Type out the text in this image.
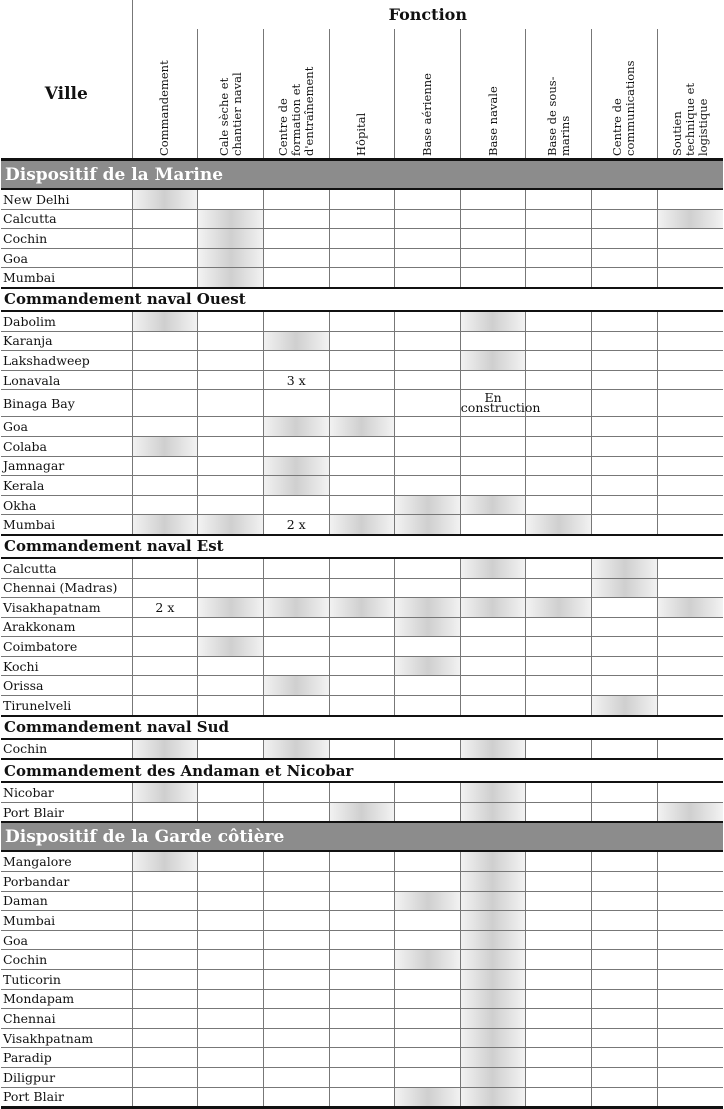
Ville	Fonction								

	Commandement	Cale sèche et chantier naval	Centre de formation et d'entraînement	Hôpital	Base aérienne	Base navale	Base de sous-marins	Centre de communications	Soutien technique et logistique

Dispositif de la Marine									
New Delhi									
Calcutta									
Cochin									
Goa									
Mumbai									
Commandement naval Ouest									
Dabolim									
Karanja									
Lakshadweep									
Lonavala			3 x						
Binaga Bay						En construction			
Goa									
Colaba									
Jamnagar									
Kerala									
Okha									
Mumbai			2 x						
Commandement naval Est									
Calcutta									
Chennai (Madras)									
Visakhapatnam	2 x								
Arakkonam									
Coimbatore									
Kochi									
Orissa									
Tirunelveli									
Commandement naval Sud									
Cochin									
Commandement des Andaman et Nicobar									
Nicobar									
Port Blair									
Dispositif de la Garde côtière									
Mangalore									
Porbandar									
Daman									
Mumbai									
Goa									
Cochin									
Tuticorin									
Mondapam									
Chennai									
Visakhpatnam									
Paradip									
Diligpur									
Port Blair									
